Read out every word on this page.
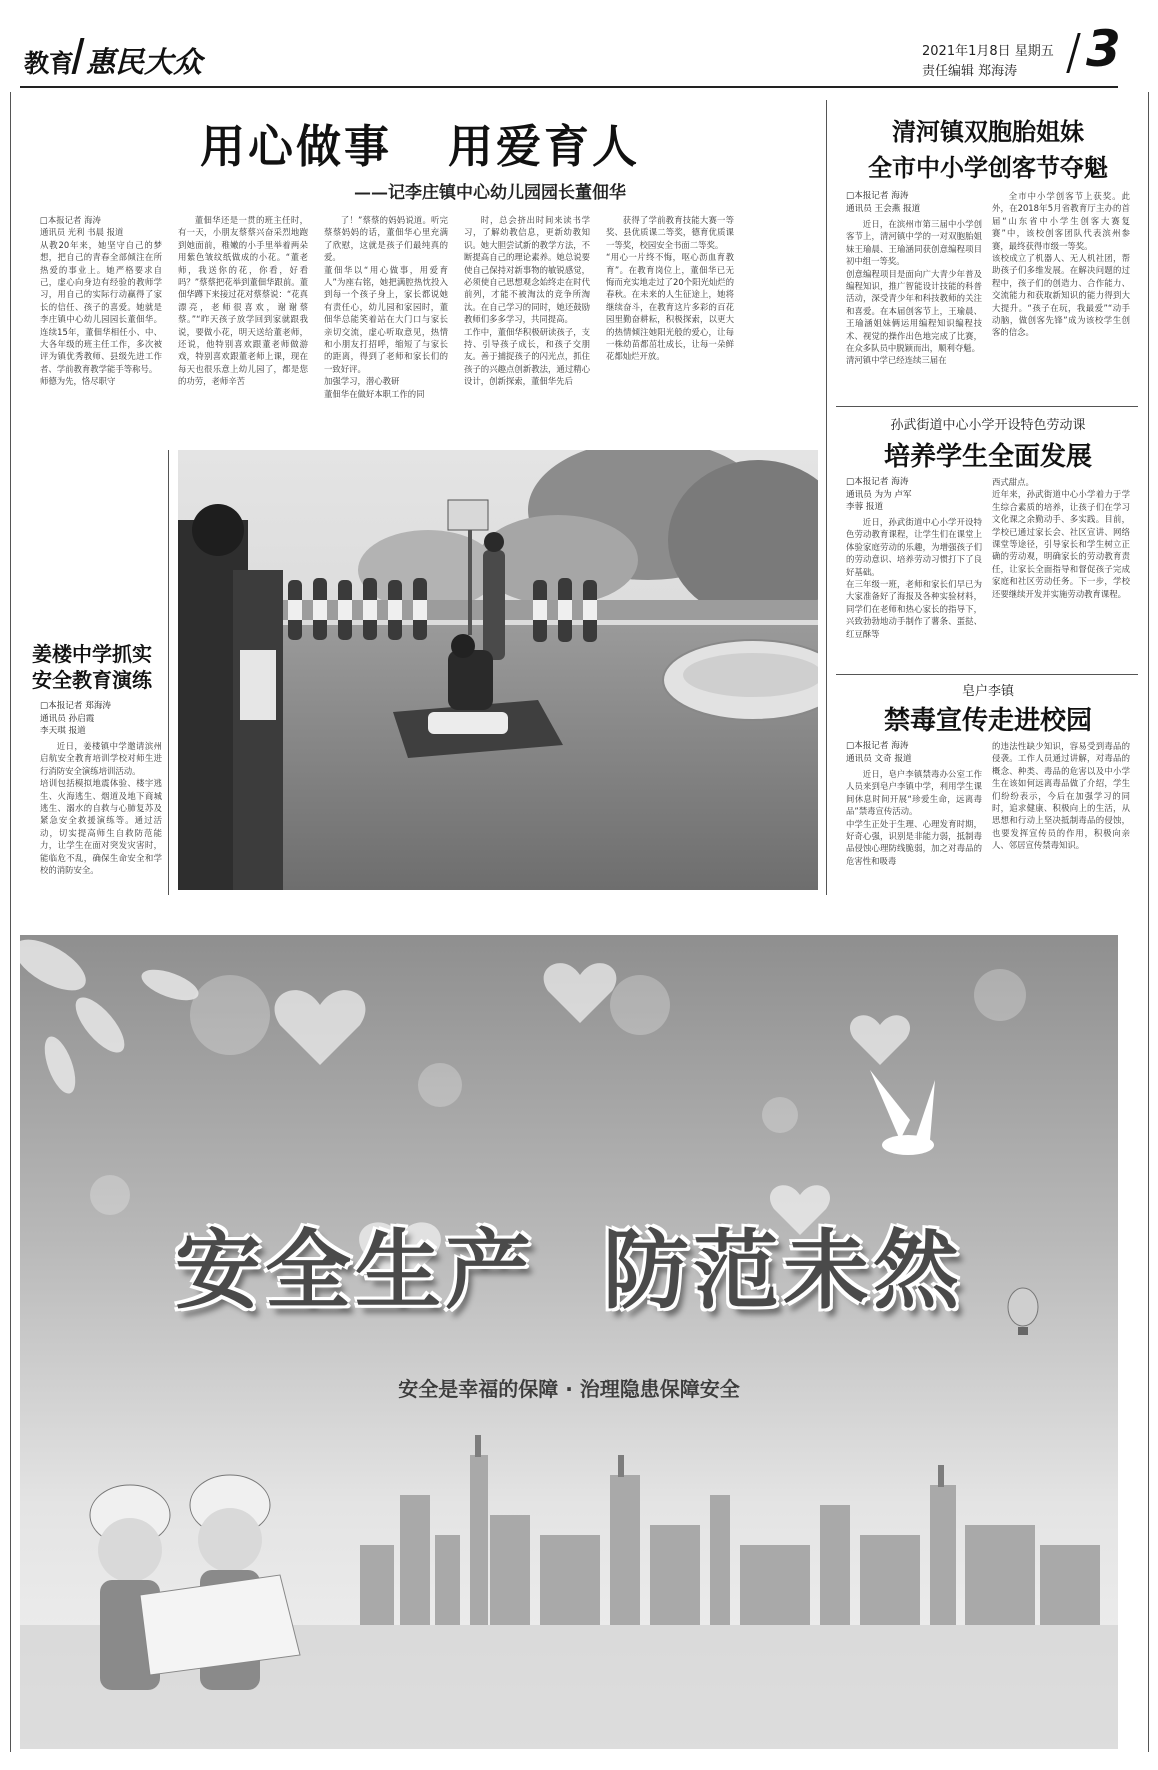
教育 惠民大众	2021年1月8日 星期五
责任编辑 郑海涛 3
用心做事   用爱育人
——记李庄镇中心幼儿园园长董佃华

□本报记者 海涛
通讯员 光利 书晨 报道
从教20年来，她坚守自己的梦想，把自己的青春全部倾注在所热爱的事业上。她严格要求自己，虚心向身边有经验的教师学习，用自己的实际行动赢得了家长的信任、孩子的喜爱。她就是李庄镇中心幼儿园园长董佃华。连续15年，董佃华相任小、中、大各年级的班主任工作，多次被评为镇优秀教师、县级先进工作者、学前教育教学能手等称号。
师德为先，恪尽职守

董佃华还是一贯的班主任时，有一天，小朋友蔡蔡兴奋采烈地跑到她面前，稚嫩的小手里举着两朵用紫色皱纹纸做成的小花。“董老师，我送你的花，你看，好看吗？”蔡蔡把花举到董佃华跟前。董佃华蹲下来接过花对蔡蔡说：“花真漂亮，老师很喜欢，谢谢蔡蔡。”“昨天孩子放学回到家就跟我说，要做小花，明天送给董老师，还说，他特别喜欢跟董老师做游戏，特别喜欢跟董老师上课，现在每天也很乐意上幼儿园了，都是您的功劳，老师辛苦

了！”蔡蔡的妈妈说道。听完蔡蔡妈妈的话，董佃华心里充满了欣慰，这就是孩子们最纯真的爱。
董佃华以“用心做事，用爱育人”为座右铭，她把满腔热忱投入到每一个孩子身上，家长都说她有责任心，幼儿园和家园时，董佃华总能笑着站在大门口与家长亲切交流，虚心听取意见，热情和小朋友打招呼，缩短了与家长的距离，得到了老师和家长们的一致好评。
加强学习，潜心教研
董佃华在做好本职工作的同

时，总会挤出时间来读书学习，了解幼教信息，更新幼教知识。她大胆尝试新的教学方法，不断提高自己的理论素养。她总说要使自己保持对新事物的敏锐感觉，必须使自己思想观念始终走在时代前列，才能不被淘汰的竞争所淘汰。在自己学习的同时，她还鼓励教师们多多学习，共同提高。
工作中，董佃华积极研读孩子，支持、引导孩子成长，和孩子交朋友。善于捕捉孩子的闪光点，抓住孩子的兴趣点创新教法，通过精心设计，创新探索，董佃华先后

获得了学前教育技能大赛一等奖、县优质课二等奖，德育优质课一等奖，校园安全书面二等奖。
“用心一片终不悔，呕心沥血育教育”。在教育岗位上，董佃华已无悔而充实地走过了20个阳光灿烂的春秋。在未来的人生征途上，她将继续奋斗，在教育这片多彩的百花园里勤奋耕耘，积极探索，以更大的热情倾注她阳光般的爱心，让每一株幼苗都茁壮成长，让每一朵鲜花都灿烂开放。

清河镇双胞胎姐妹
全市中小学创客节夺魁

□本报记者 海涛
通讯员 王会燕 报道

近日，在滨州市第三届中小学创客节上，清河镇中学的一对双胞胎姐妹王瑜晨、王瑜涵同获创意编程项目初中组一等奖。
创意编程项目是面向广大青少年普及编程知识，推广智能设计技能的科普活动，深受青少年和科技教师的关注和喜爱。在本届创客节上，王瑜晨、王瑜涵姐妹俩运用编程知识编程技术、视觉的操作出色地完成了比赛，在众多队员中脱颖而出，顺利夺魁。
清河镇中学已经连续三届在

全市中小学创客节上获奖。此外，在2018年5月省教育厅主办的首届“山东省中小学生创客大赛复赛”中，该校创客团队代表滨州参赛，最终获得市级一等奖。
该校成立了机器人、无人机社团，帮助孩子们多维发展。在解决问题的过程中，孩子们的创造力、合作能力、交流能力和获取新知识的能力得到大大提升。“孩子在玩，我最爱”“动手动脑，做创客先锋”成为该校学生创客的信念。

孙武街道中心小学开设特色劳动课
培养学生全面发展

□本报记者 海涛
通讯员 为为 卢军
李蓉 报道

近日，孙武街道中心小学开设特色劳动教育课程，让学生们在课堂上体验家庭劳动的乐趣，为增强孩子们的劳动意识、培养劳动习惯打下了良好基础。
在三年级一班，老师和家长们早已为大家准备好了海报及各种实验材料，同学们在老师和热心家长的指导下，兴致勃勃地动手制作了薯条、蛋挞、红豆酥等

西式甜点。
近年来，孙武街道中心小学着力于学生综合素质的培养，让孩子们在学习文化课之余勤动手、多实践。目前，学校已通过家长会、社区宣讲、网络课堂等途径，引导家长和学生树立正确的劳动观，明确家长的劳动教育责任，让家长全面指导和督促孩子完成家庭和社区劳动任务。下一步，学校还要继续开发并实施劳动教育课程。

皂户李镇
禁毒宣传走进校园

□本报记者 海涛
通讯员 文奇 报道

近日，皂户李镇禁毒办公室工作人员来到皂户李镇中学，利用学生课间休息时间开展“珍爱生命，远离毒品”禁毒宣传活动。
中学生正处于生理、心理发育时期，好奇心强，识别是非能力弱，抵制毒品侵蚀心理防线脆弱，加之对毒品的危害性和吸毒

的违法性缺少知识，容易受到毒品的侵袭。工作人员通过讲解，对毒品的概念、种类、毒品的危害以及中小学生在该如何远离毒品做了介绍，学生们纷纷表示，今后在加强学习的同时，追求健康、积极向上的生活，从思想和行动上坚决抵制毒品的侵蚀，也要发挥宣传员的作用，积极向亲人、邻居宣传禁毒知识。

姜楼中学抓实
安全教育演练

□本报记者 郑海涛
通讯员 孙启霞
李天琪 报道

近日，姜楼镇中学邀请滨州启航安全教育培训学校对师生进行消防安全演练培训活动。
培训包括模拟地震体验、楼宇逃生、火海逃生、烟道及地下商城逃生、溺水的自救与心肺复苏及紧急安全救援演练等。通过活动，切实提高师生自救防范能力，让学生在面对突发灾害时，能临危不乱，确保生命安全和学校的消防安全。

安全生产  防范未然
安全是幸福的保障 · 治理隐患保障安全
